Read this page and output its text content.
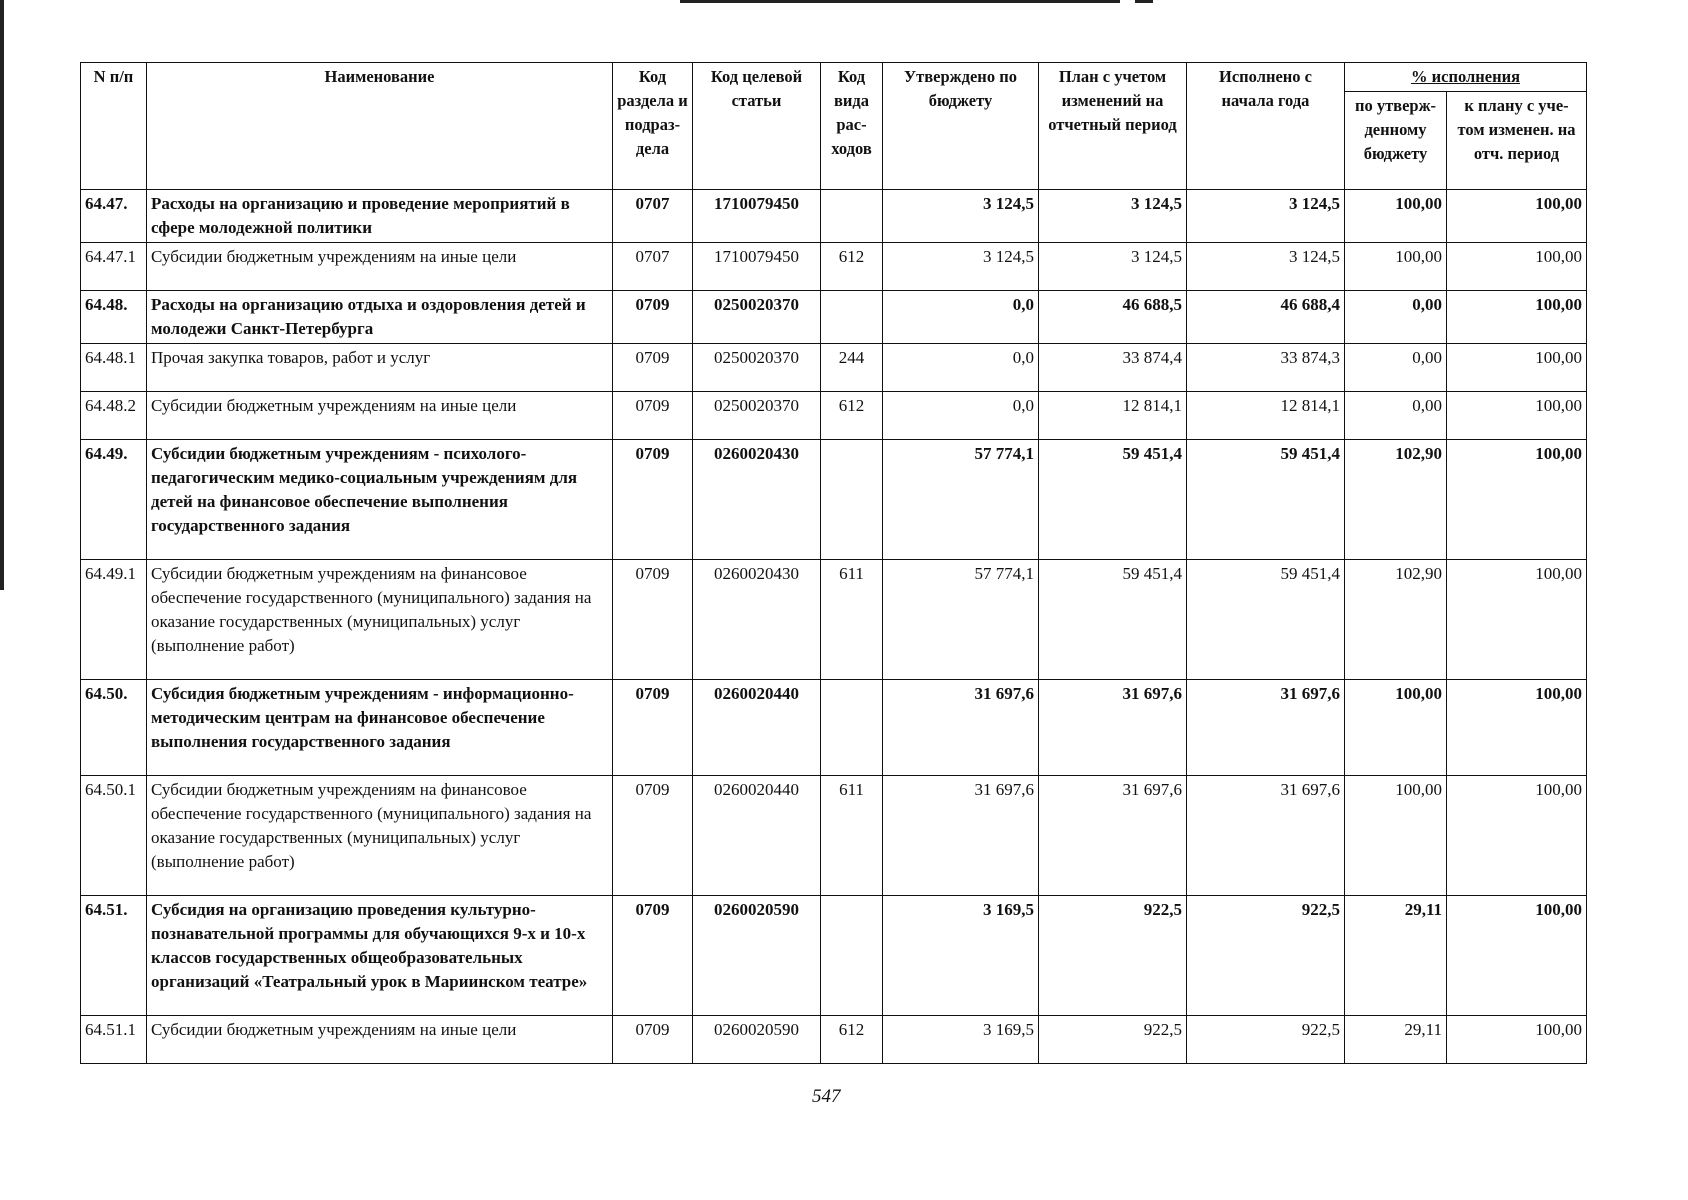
N п/п	Наименование	Код раздела и подраз-дела	Код целевой статьи	Код вида рас-ходов	Утверждено по бюджету	План с учетом изменений на отчетный период	Исполнено с начала года	% исполнения	
								по утверж-денному бюджету	к плану с уче-том изменен. на отч. период
64.47.	Расходы на организацию и проведение мероприятий в сфере молодежной политики	0707	1710079450		3 124,5	3 124,5	3 124,5	100,00	100,00
64.47.1	Субсидии бюджетным учреждениям на иные цели	0707	1710079450	612	3 124,5	3 124,5	3 124,5	100,00	100,00
64.48.	Расходы на организацию отдыха и оздоровления детей и молодежи Санкт-Петербурга	0709	0250020370		0,0	46 688,5	46 688,4	0,00	100,00
64.48.1	Прочая закупка товаров, работ и услуг	0709	0250020370	244	0,0	33 874,4	33 874,3	0,00	100,00
64.48.2	Субсидии бюджетным учреждениям на иные цели	0709	0250020370	612	0,0	12 814,1	12 814,1	0,00	100,00
64.49.	Субсидии бюджетным учреждениям - психолого-педагогическим медико-социальным учреждениям для детей на финансовое обеспечение выполнения государственного задания	0709	0260020430		57 774,1	59 451,4	59 451,4	102,90	100,00
64.49.1	Субсидии бюджетным учреждениям на финансовое обеспечение государственного (муниципального) задания на оказание государственных (муниципальных) услуг (выполнение работ)	0709	0260020430	611	57 774,1	59 451,4	59 451,4	102,90	100,00
64.50.	Субсидия бюджетным учреждениям - информационно-методическим центрам на финансовое обеспечение выполнения государственного задания	0709	0260020440		31 697,6	31 697,6	31 697,6	100,00	100,00
64.50.1	Субсидии бюджетным учреждениям на финансовое обеспечение государственного (муниципального) задания на оказание государственных (муниципальных) услуг (выполнение работ)	0709	0260020440	611	31 697,6	31 697,6	31 697,6	100,00	100,00
64.51.	Субсидия на организацию проведения культурно-познавательной программы для обучающихся 9-х и 10-х классов государственных общеобразовательных организаций «Театральный урок в Мариинском театре»	0709	0260020590		3 169,5	922,5	922,5	29,11	100,00
64.51.1	Субсидии бюджетным учреждениям на иные цели	0709	0260020590	612	3 169,5	922,5	922,5	29,11	100,00
547
